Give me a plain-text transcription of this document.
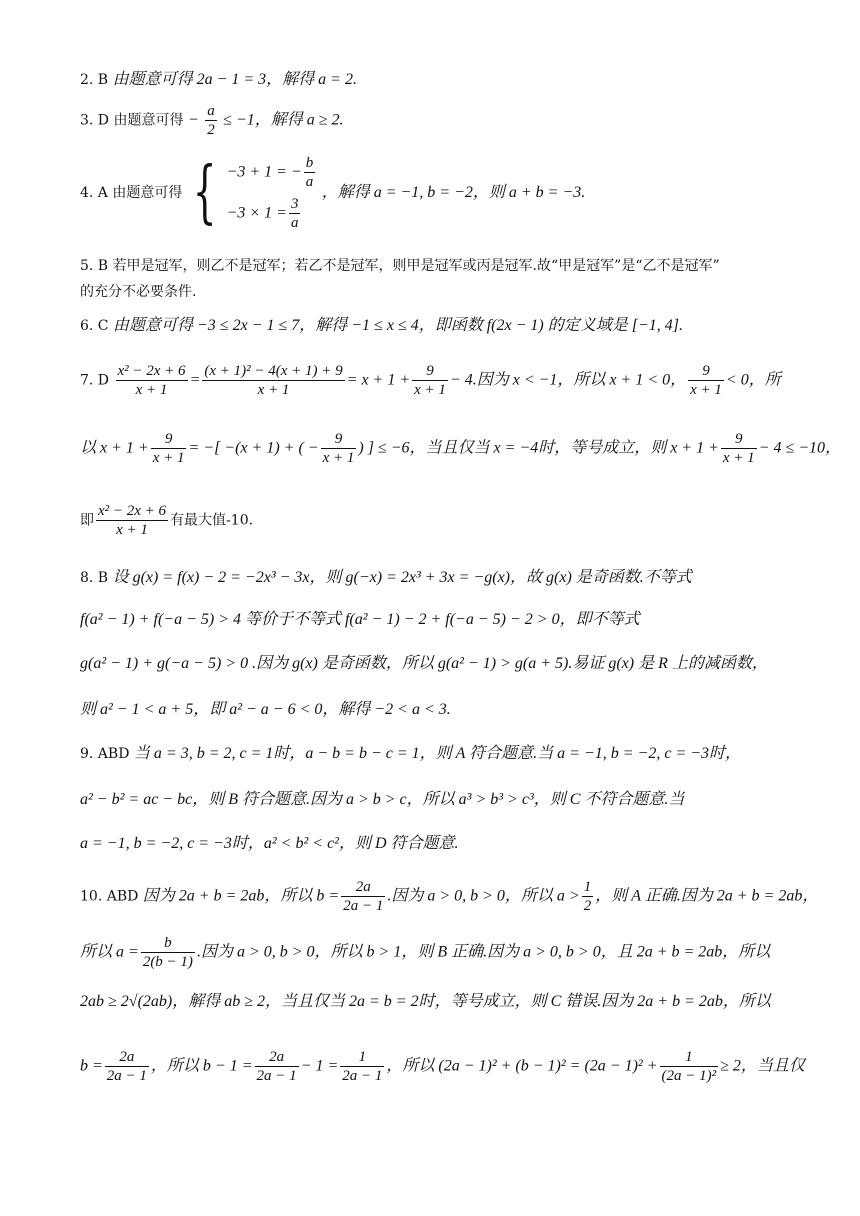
2. B 由题意可得 2a − 1 = 3，解得 a = 2.
3. D 由题意可得 − $\frac{a}{2} \le -1$，解得 a ≥ 2.
4. A 由题意可得 { −3 + 1 = − $\frac{b}{a}$
$-3 \times 1 = \frac{3}{a}$
，解得 a = −1, b = −2，则 a + b = −3.
5. B 若甲是冠军，则乙不是冠军；若乙不是冠军，则甲是冠军或丙是冠军.故“甲是冠军”是“乙不是冠军”
的充分不必要条件.
6. C 由题意可得 −3 ≤ 2x − 1 ≤ 7，解得 −1 ≤ x ≤ 4，即函数 f(2x − 1) 的定义域是 [−1, 4].
7. D $\frac{\text{x² − 2x + 6}}{x + 1} = \frac{\text{(x + 1)² − 4(x + 1) + 9}}{x + 1} = x + 1 + \frac{9}{x + 1} - 4$.因为 x < −1，所以 x + 1 < 0， $\frac{9}{x + 1} < 0$，所
以 $x + 1 + \frac{9}{x + 1}$ = −[ −(x + 1) + ( − $\frac{9}{x + 1}$ ) ] ≤ −6，当且仅当 x = −4时，等号成立，则 $x + 1 + \frac{9}{x + 1} - 4 \le -10$，
即 $\frac{\text{x² − 2x + 6}}{x + 1}$ 有最大值-10.
8. B 设 g(x) = f(x) − 2 = −2x³ − 3x，则 g(−x) = 2x³ + 3x = −g(x)，故 g(x) 是奇函数.不等式
f(a² − 1) + f(−a − 5) > 4 等价于不等式 f(a² − 1) − 2 + f(−a − 5) − 2 > 0，即不等式
g(a² − 1) + g(−a − 5) > 0 .因为 g(x) 是奇函数，所以 g(a² − 1) > g(a + 5).易证 g(x) 是 R 上的减函数，
则 a² − 1 < a + 5，即 a² − a − 6 < 0，解得 −2 < a < 3.
9. ABD 当 a = 3, b = 2, c = 1时，a − b = b − c = 1，则 A 符合题意.当 a = −1, b = −2, c = −3时，
a² − b² = ac − bc，则 B 符合题意.因为 a > b > c，所以 a³ > b³ > c³，则 C 不符合题意.当
a = −1, b = −2, c = −3时，a² < b² < c²，则 D 符合题意.
10. ABD 因为 2a + b = 2ab，所以 $b = \frac{2a}{2a - 1}$ .因为 a > 0, b > 0，所以 $a > \frac{1}{2}$ ，则 A 正确.因为 2a + b = 2ab，
所以 $a = \frac{b}{2(b - 1)}$ .因为 a > 0, b > 0，所以 b > 1，则 B 正确.因为 a > 0, b > 0，且 2a + b = 2ab，所以
2ab ≥ 2√(2ab)，解得 ab ≥ 2，当且仅当 2a = b = 2时，等号成立，则 C 错误.因为 2a + b = 2ab，所以
$b = \frac{2a}{2a - 1}$ ，所以 $b - 1 = \frac{2a}{2a - 1} - 1 = \frac{1}{2a - 1}$ ，所以 $(2a - 1)^2 + (b - 1)^2 = (2a - 1)^2 + \frac{1}{\text{(2a − 1)²}} \ge 2$，当且仅
